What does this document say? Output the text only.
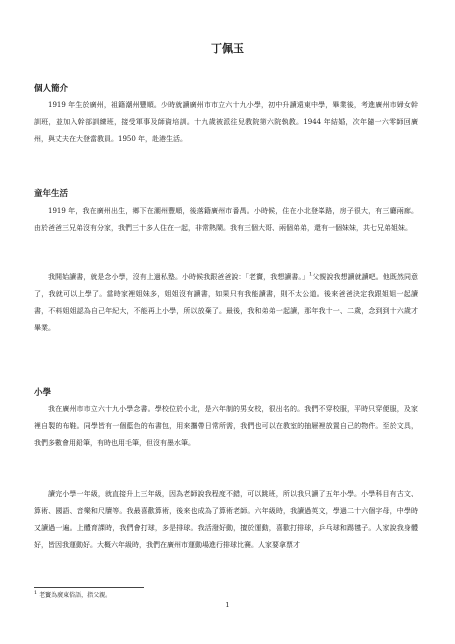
丁佩玉
個人簡介

1919 年生於廣州，祖籍潮州豐順。少時就讀廣州市市立六十九小學，初中升讀遠東中學，畢業後，考進廣州市婦女幹訓班，並加入幹部訓練班，接受軍事及師資培訓。十九歲被派往兒教院第六院執教。1944 年結婚，次年隨一六零師回廣州，與丈夫在大登當教員。1950 年，赴港生活。

童年生活

1919 年，我在廣州出生，鄉下在潮州豐順，後落籍廣州市番禺。小時候，住在小北登峯路，房子很大，有三廳兩廊。由於爸爸三兄弟沒有分家，我們三十多人住在一起，非常熱鬧。我有三個大哥、兩個弟弟，還有一個妹妹，共七兄弟姐妹。

我開始讀書，就是念小學，沒有上過私塾。小時候我跟爸爸說：「老竇，我想讀書。」$^1$父親說我想讀就讀吧。他既然同意了，我就可以上學了。當時家裡姐妹多，姐姐沒有讀書，如果只有我能讀書，則不太公道。後來爸爸決定我跟姐姐一起讀書，不料姐姐認為自己年紀大，不能再上小學，所以放棄了。最後，我和弟弟一起讀，那年我十一、二歲，念到到十六歲才畢業。

小學

我在廣州市市立六十九小學念書。學校位於小北，是六年制的男女校，很出名的。我們不穿校服，平時只穿便服，及家裡自製的布鞋。同學皆有一個藍色的布書包，用來攜帶日常所需，我們也可以在教室的抽屜裡放置自己的物件。至於文具，我們多數會用鉛筆，有時也用毛筆，但沒有墨水筆。

讀完小學一年級，就直接升上三年級，因為老師說我程度不錯，可以跳班，所以我只讀了五年小學。小學科目有古文、算術、國語、音樂和尺牘等。我最喜歡算術，後來也成為了算術老師。六年級時，我讀過英文，學過二十六個字母，中學時又讀過一遍。上體育課時，我們會打球，多是排球。我活潑好動，擅於運動，喜歡打排球，乒乓球和踢毽子。人家說我身體好，皆因我運動好。大概六年級時，我們在廣州市運動場進行排球比賽。人家要拿票才

$^1$ 老竇為廣東俗語，指父親。
1
